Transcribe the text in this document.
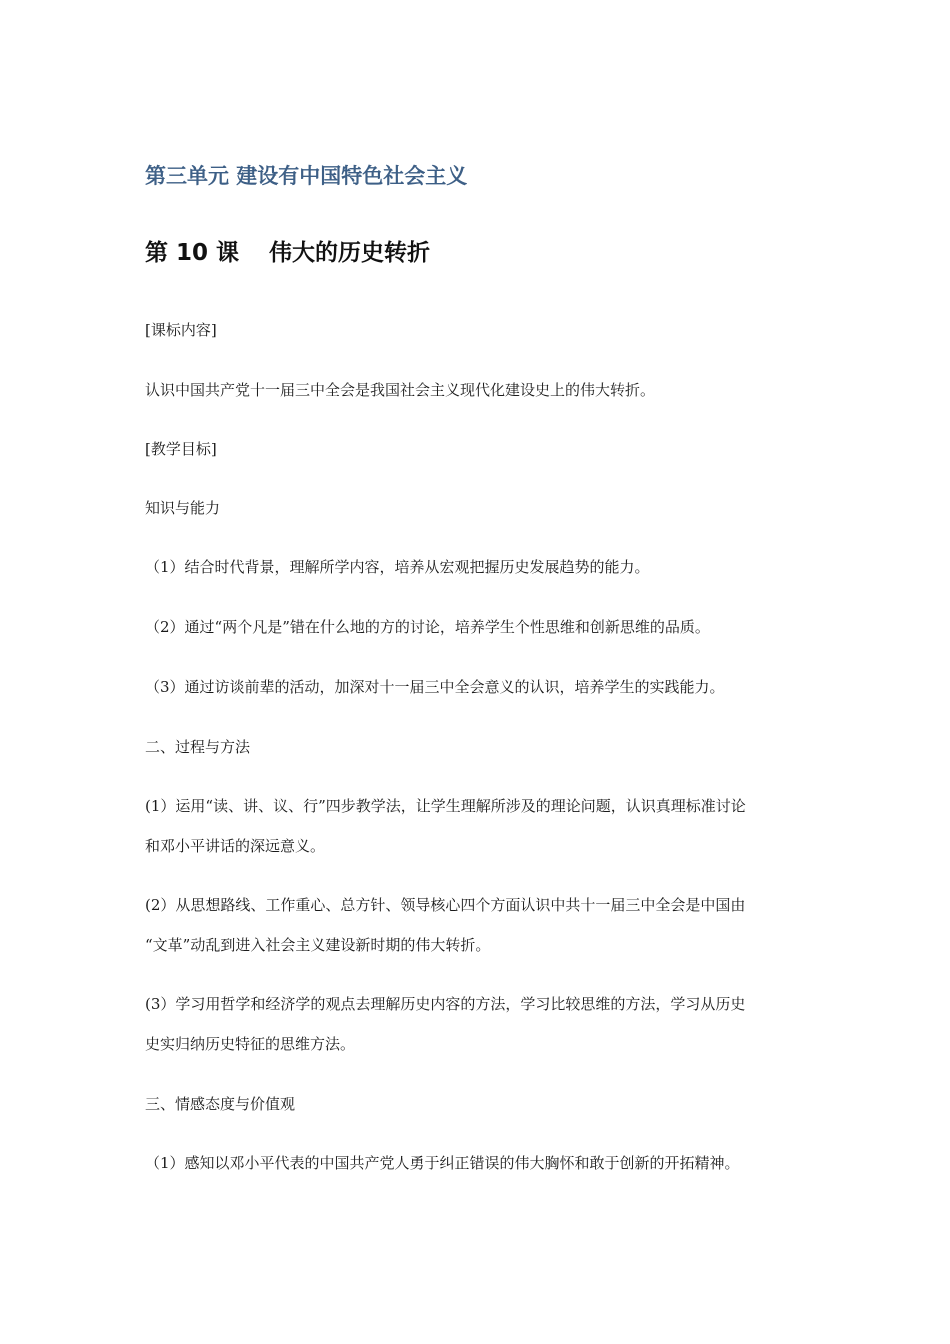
第三单元 建设有中国特色社会主义
第 10 课 伟大的历史转折
[课标内容]
认识中国共产党十一届三中全会是我国社会主义现代化建设史上的伟大转折。
[教学目标]
知识与能力
（1）结合时代背景，理解所学内容，培养从宏观把握历史发展趋势的能力。
（2）通过“两个凡是”错在什么地的方的讨论，培养学生个性思维和创新思维的品质。
（3）通过访谈前辈的活动，加深对十一届三中全会意义的认识，培养学生的实践能力。
二、过程与方法
(1）运用“读、讲、议、行”四步教学法，让学生理解所涉及的理论问题，认识真理标准讨论
和邓小平讲话的深远意义。
(2）从思想路线、工作重心、总方针、领导核心四个方面认识中共十一届三中全会是中国由
“文革”动乱到进入社会主义建设新时期的伟大转折。
(3）学习用哲学和经济学的观点去理解历史内容的方法，学习比较思维的方法，学习从历史
史实归纳历史特征的思维方法。
三、情感态度与价值观
（1）感知以邓小平代表的中国共产党人勇于纠正错误的伟大胸怀和敢于创新的开拓精神。
